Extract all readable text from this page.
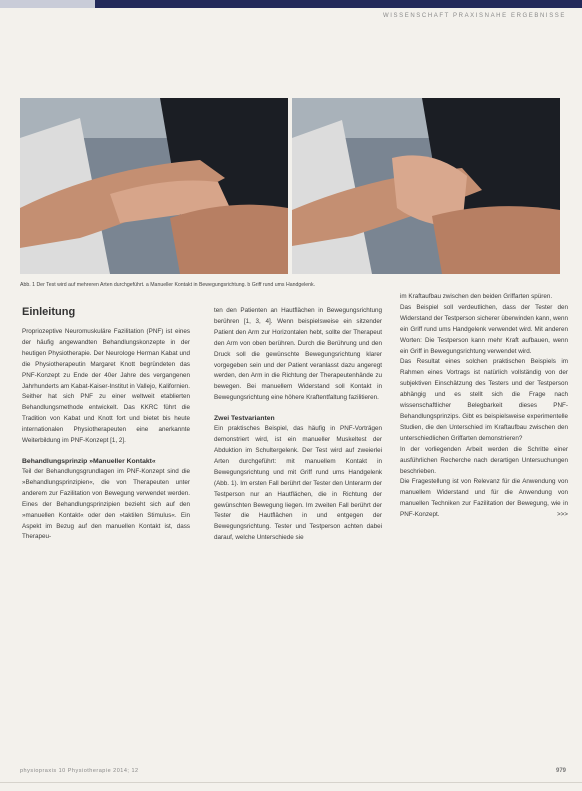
WISSENSCHAFT PRAXISNAHE ERGEBNISSE
Abb. 1 Der Test wird auf mehreren Arten durchgeführt. a Manueller Kontakt in Bewegungsrichtung. b Griff rund ums Handgelenk.
Einleitung

Propriozeptive Neuromuskuläre Fazilitation (PNF) ist eines der häufig angewandten Behandlungskonzepte in der heutigen Physiotherapie. Der Neurologe Herman Kabat und die Physiotherapeutin Margaret Knott begründeten das PNF-Konzept zu Ende der 40er Jahre des vergangenen Jahrhunderts am Kabat-Kaiser-Institut in Vallejo, Kalifornien. Seither hat sich PNF zu einer weltweit etablierten Behandlungsmethode entwickelt. Das KKRC führt die Tradition von Kabat und Knott fort und bietet bis heute internationalen Physiotherapeuten eine anerkannte Weiterbildung im PNF-Konzept [1, 2].

Behandlungsprinzip »Manueller Kontakt«

Teil der Behandlungsgrundlagen im PNF-Konzept sind die »Behandlungsprinzipien«, die von Therapeuten unter anderem zur Fazilitation von Bewegung verwendet werden. Eines der Behandlungsprinzipien bezieht sich auf den »manuellen Kontakt« oder den »taktilen Stimulus«. Ein Aspekt im Bezug auf den manuellen Kontakt ist, dass Therapeu-

ten den Patienten an Hautflächen in Bewegungsrichtung berühren [1, 3, 4]. Wenn beispielsweise ein sitzender Patient den Arm zur Horizontalen hebt, sollte der Therapeut den Arm von oben berühren. Durch die Berührung und den Druck soll die gewünschte Bewegungsrichtung klarer vorgegeben sein und der Patient veranlasst dazu angeregt werden, den Arm in die Richtung der Therapeutenhände zu bewegen. Bei manuellem Widerstand soll Kontakt in Bewegungsrichtung eine höhere Kraftentfaltung fazilitieren.

Zwei Testvarianten

Ein praktisches Beispiel, das häufig in PNF-Vorträgen demonstriert wird, ist ein manueller Muskeltest der Abduktion im Schultergelenk. Der Test wird auf zweierlei Arten durchgeführt: mit manuellem Kontakt in Bewegungsrichtung und mit Griff rund ums Handgelenk (Abb. 1). Im ersten Fall berührt der Tester den Unterarm der Testperson nur an Hautflächen, die in Richtung der gewünschten Bewegung liegen. Im zweiten Fall berührt der Tester die Hautflächen in und entgegen der Bewegungsrichtung. Tester und Testperson achten dabei darauf, welche Unterschiede sie

im Kraftaufbau zwischen den beiden Griffarten spüren.

Das Beispiel soll verdeutlichen, dass der Tester den Widerstand der Testperson sicherer überwinden kann, wenn ein Griff rund ums Handgelenk verwendet wird. Mit anderen Worten: Die Testperson kann mehr Kraft aufbauen, wenn ein Griff in Bewegungsrichtung verwendet wird.

Das Resultat eines solchen praktischen Beispiels im Rahmen eines Vortrags ist natürlich vollständig von der subjektiven Einschätzung des Testers und der Testperson abhängig und es stellt sich die Frage nach wissenschaftlicher Belegbarkeit dieses PNF-Behandlungsprinzips. Gibt es beispielsweise experimentelle Studien, die den Unterschied im Kraftaufbau zwischen den unterschiedlichen Griffarten demonstrieren?

In der vorliegenden Arbeit werden die Schritte einer ausführlichen Recherche nach derartigen Untersuchungen beschrieben.

Die Fragestellung ist von Relevanz für die Anwendung von manuellem Widerstand und für die Anwendung von manuellen Techniken zur Fazilitation der Bewegung, wie in PNF-Konzept.	>>>

physiopraxis 10 Physiotherapie 2014; 12	979
